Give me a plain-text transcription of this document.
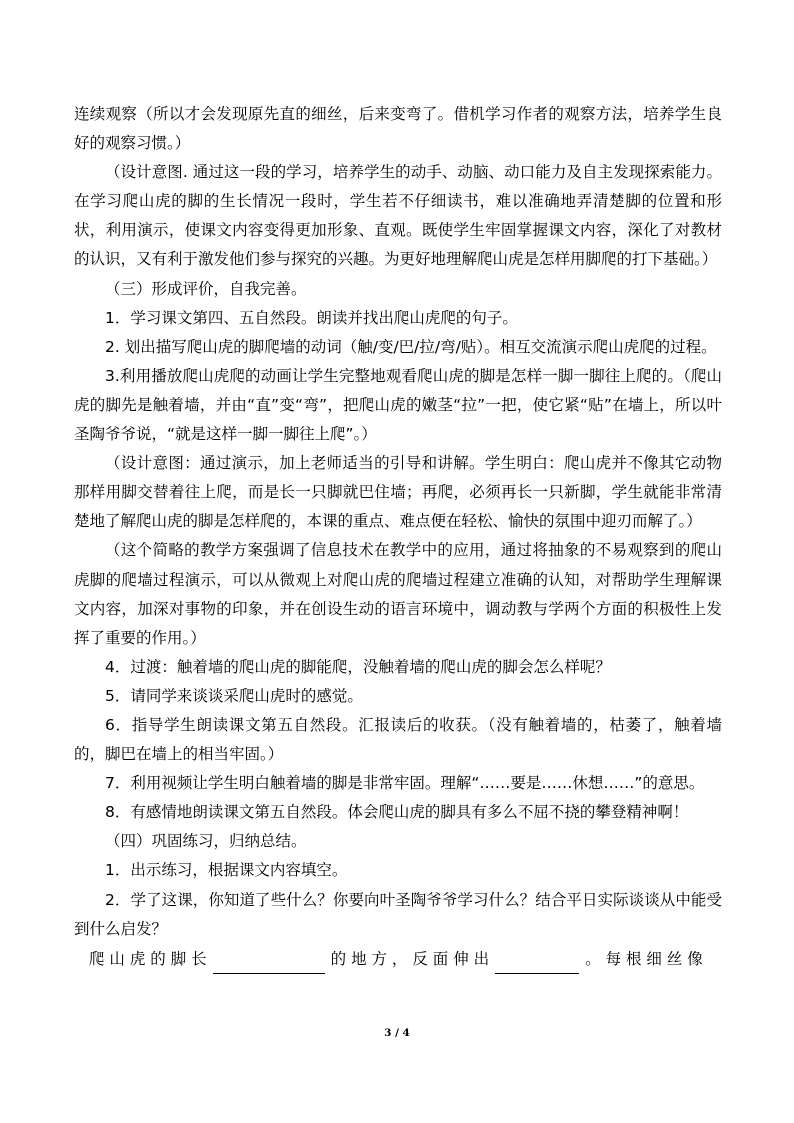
连续观察（所以才会发现原先直的细丝，后来变弯了。借机学习作者的观察方法，培养学生良好的观察习惯。）

（设计意图. 通过这一段的学习，培养学生的动手、动脑、动口能力及自主发现探索能力。在学习爬山虎的脚的生长情况一段时，学生若不仔细读书，难以准确地弄清楚脚的位置和形状，利用演示，使课文内容变得更加形象、直观。既使学生牢固掌握课文内容，深化了对教材的认识，又有利于激发他们参与探究的兴趣。为更好地理解爬山虎是怎样用脚爬的打下基础。）

（三）形成评价，自我完善。

1．学习课文第四、五自然段。朗读并找出爬山虎爬的句子。

2. 划出描写爬山虎的脚爬墙的动词（触/变/巴/拉/弯/贴）。相互交流演示爬山虎爬的过程。

3.利用播放爬山虎爬的动画让学生完整地观看爬山虎的脚是怎样一脚一脚往上爬的。（爬山虎的脚先是触着墙，并由“直”变“弯”，把爬山虎的嫩茎“拉”一把，使它紧“贴”在墙上，所以叶圣陶爷爷说，“就是这样一脚一脚往上爬”。）

（设计意图：通过演示，加上老师适当的引导和讲解。学生明白：爬山虎并不像其它动物那样用脚交替着往上爬，而是长一只脚就巴住墙；再爬，必须再长一只新脚，学生就能非常清楚地了解爬山虎的脚是怎样爬的，本课的重点、难点便在轻松、愉快的氛围中迎刃而解了。）

（这个简略的教学方案强调了信息技术在教学中的应用，通过将抽象的不易观察到的爬山虎脚的爬墙过程演示，可以从微观上对爬山虎的爬墙过程建立准确的认知，对帮助学生理解课文内容，加深对事物的印象，并在创设生动的语言环境中，调动教与学两个方面的积极性上发挥了重要的作用。）

4．过渡：触着墙的爬山虎的脚能爬，没触着墙的爬山虎的脚会怎么样呢？

5．请同学来谈谈采爬山虎时的感觉。

6．指导学生朗读课文第五自然段。汇报读后的收获。（没有触着墙的，枯萎了，触着墙的，脚巴在墙上的相当牢固。）

7．利用视频让学生明白触着墙的脚是非常牢固。理解“……要是……休想……”的意思。

8．有感情地朗读课文第五自然段。体会爬山虎的脚具有多么不屈不挠的攀登精神啊！

（四）巩固练习，归纳总结。

1．出示练习，根据课文内容填空。

2．学了这课，你知道了些什么？你要向叶圣陶爷爷学习什么？结合平日实际谈谈从中能受到什么启发？

爬 山 虎 的 脚 长	的 地 方 ， 反 面 伸 出	。 每 根 细 丝 像
3 / 4
